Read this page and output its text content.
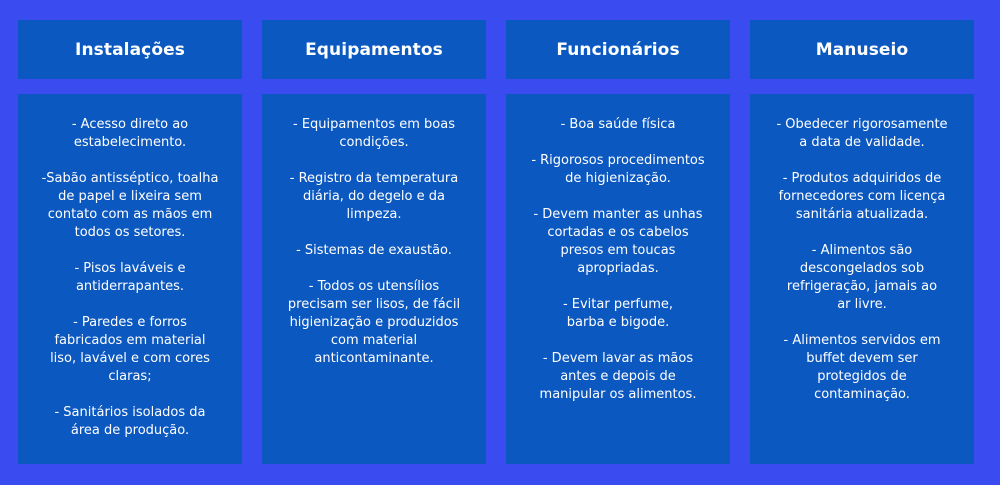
Instalações
- Acesso direto ao
estabelecimento.
-Sabão antisséptico, toalha
de papel e lixeira sem
contato com as mãos em
todos os setores.
- Pisos laváveis e
antiderrapantes.
- Paredes e forros
fabricados em material
liso, lavável e com cores
claras;
- Sanitários isolados da
área de produção.
Equipamentos
- Equipamentos em boas
condições.
- Registro da temperatura
diária, do degelo e da
limpeza.
- Sistemas de exaustão.
- Todos os utensílios
precisam ser lisos, de fácil
higienização e produzidos
com material
anticontaminante.
Funcionários
- Boa saúde física
- Rigorosos procedimentos
de higienização.
- Devem manter as unhas
cortadas e os cabelos
presos em toucas
apropriadas.
- Evitar perfume,
barba e bigode.
- Devem lavar as mãos
antes e depois de
manipular os alimentos.
Manuseio
- Obedecer rigorosamente
a data de validade.
- Produtos adquiridos de
fornecedores com licença
sanitária atualizada.
- Alimentos são
descongelados sob
refrigeração, jamais ao
ar livre.
- Alimentos servidos em
buffet devem ser
protegidos de
contaminação.
